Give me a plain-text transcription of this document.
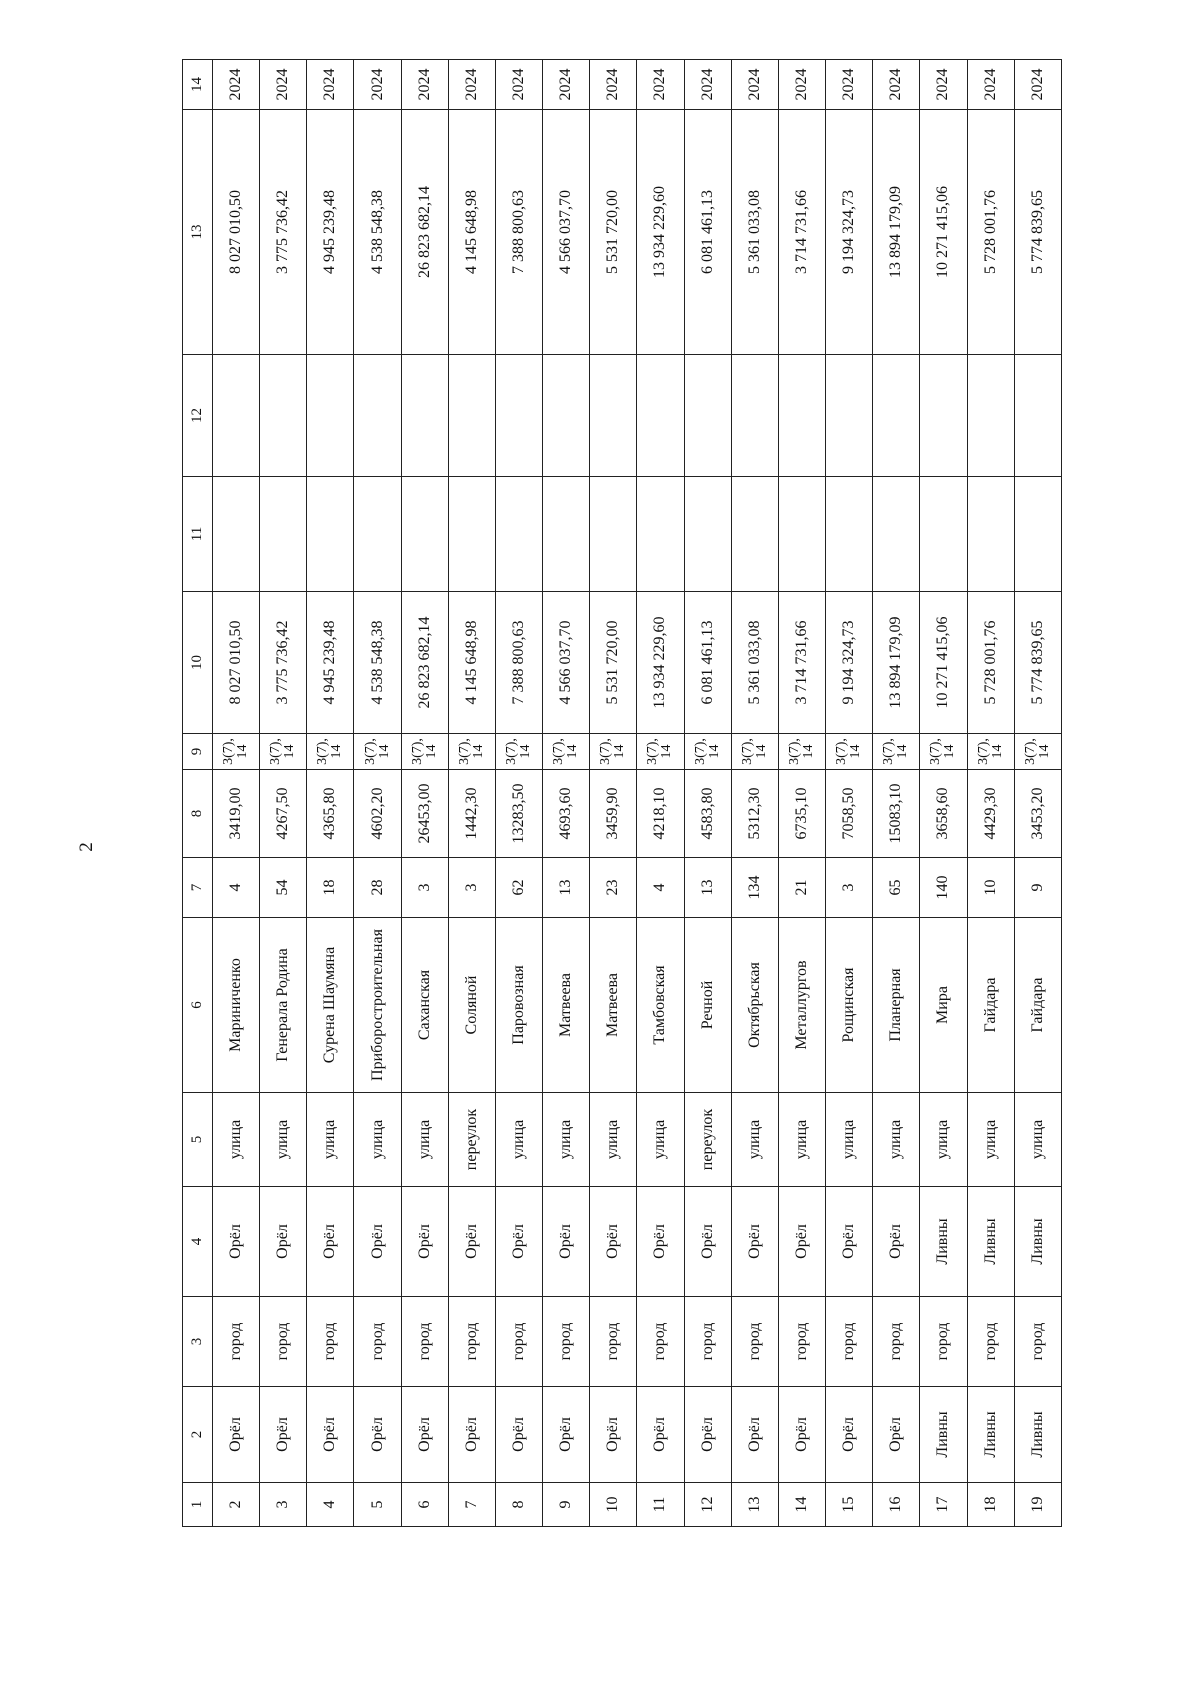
2
1	2	3	4	5	6	7	8	9	10	11	12	13	14
2	Орёл	город	Орёл	улица	Мариниченко	4	3419,00	3(7), 14	8 027 010,50			8 027 010,50	2024
3	Орёл	город	Орёл	улица	Генерала Родина	54	4267,50	3(7), 14	3 775 736,42			3 775 736,42	2024
4	Орёл	город	Орёл	улица	Сурена Шаумяна	18	4365,80	3(7), 14	4 945 239,48			4 945 239,48	2024
5	Орёл	город	Орёл	улица	Приборостроительная	28	4602,20	3(7), 14	4 538 548,38			4 538 548,38	2024
6	Орёл	город	Орёл	улица	Саханская	3	26453,00	3(7), 14	26 823 682,14			26 823 682,14	2024
7	Орёл	город	Орёл	переулок	Соляной	3	1442,30	3(7), 14	4 145 648,98			4 145 648,98	2024
8	Орёл	город	Орёл	улица	Паровозная	62	13283,50	3(7), 14	7 388 800,63			7 388 800,63	2024
9	Орёл	город	Орёл	улица	Матвеева	13	4693,60	3(7), 14	4 566 037,70			4 566 037,70	2024
10	Орёл	город	Орёл	улица	Матвеева	23	3459,90	3(7), 14	5 531 720,00			5 531 720,00	2024
11	Орёл	город	Орёл	улица	Тамбовская	4	4218,10	3(7), 14	13 934 229,60			13 934 229,60	2024
12	Орёл	город	Орёл	переулок	Речной	13	4583,80	3(7), 14	6 081 461,13			6 081 461,13	2024
13	Орёл	город	Орёл	улица	Октябрьская	134	5312,30	3(7), 14	5 361 033,08			5 361 033,08	2024
14	Орёл	город	Орёл	улица	Металлургов	21	6735,10	3(7), 14	3 714 731,66			3 714 731,66	2024
15	Орёл	город	Орёл	улица	Рощинская	3	7058,50	3(7), 14	9 194 324,73			9 194 324,73	2024
16	Орёл	город	Орёл	улица	Планерная	65	15083,10	3(7), 14	13 894 179,09			13 894 179,09	2024
17	Ливны	город	Ливны	улица	Мира	140	3658,60	3(7), 14	10 271 415,06			10 271 415,06	2024
18	Ливны	город	Ливны	улица	Гайдара	10	4429,30	3(7), 14	5 728 001,76			5 728 001,76	2024
19	Ливны	город	Ливны	улица	Гайдара	9	3453,20	3(7), 14	5 774 839,65			5 774 839,65	2024
